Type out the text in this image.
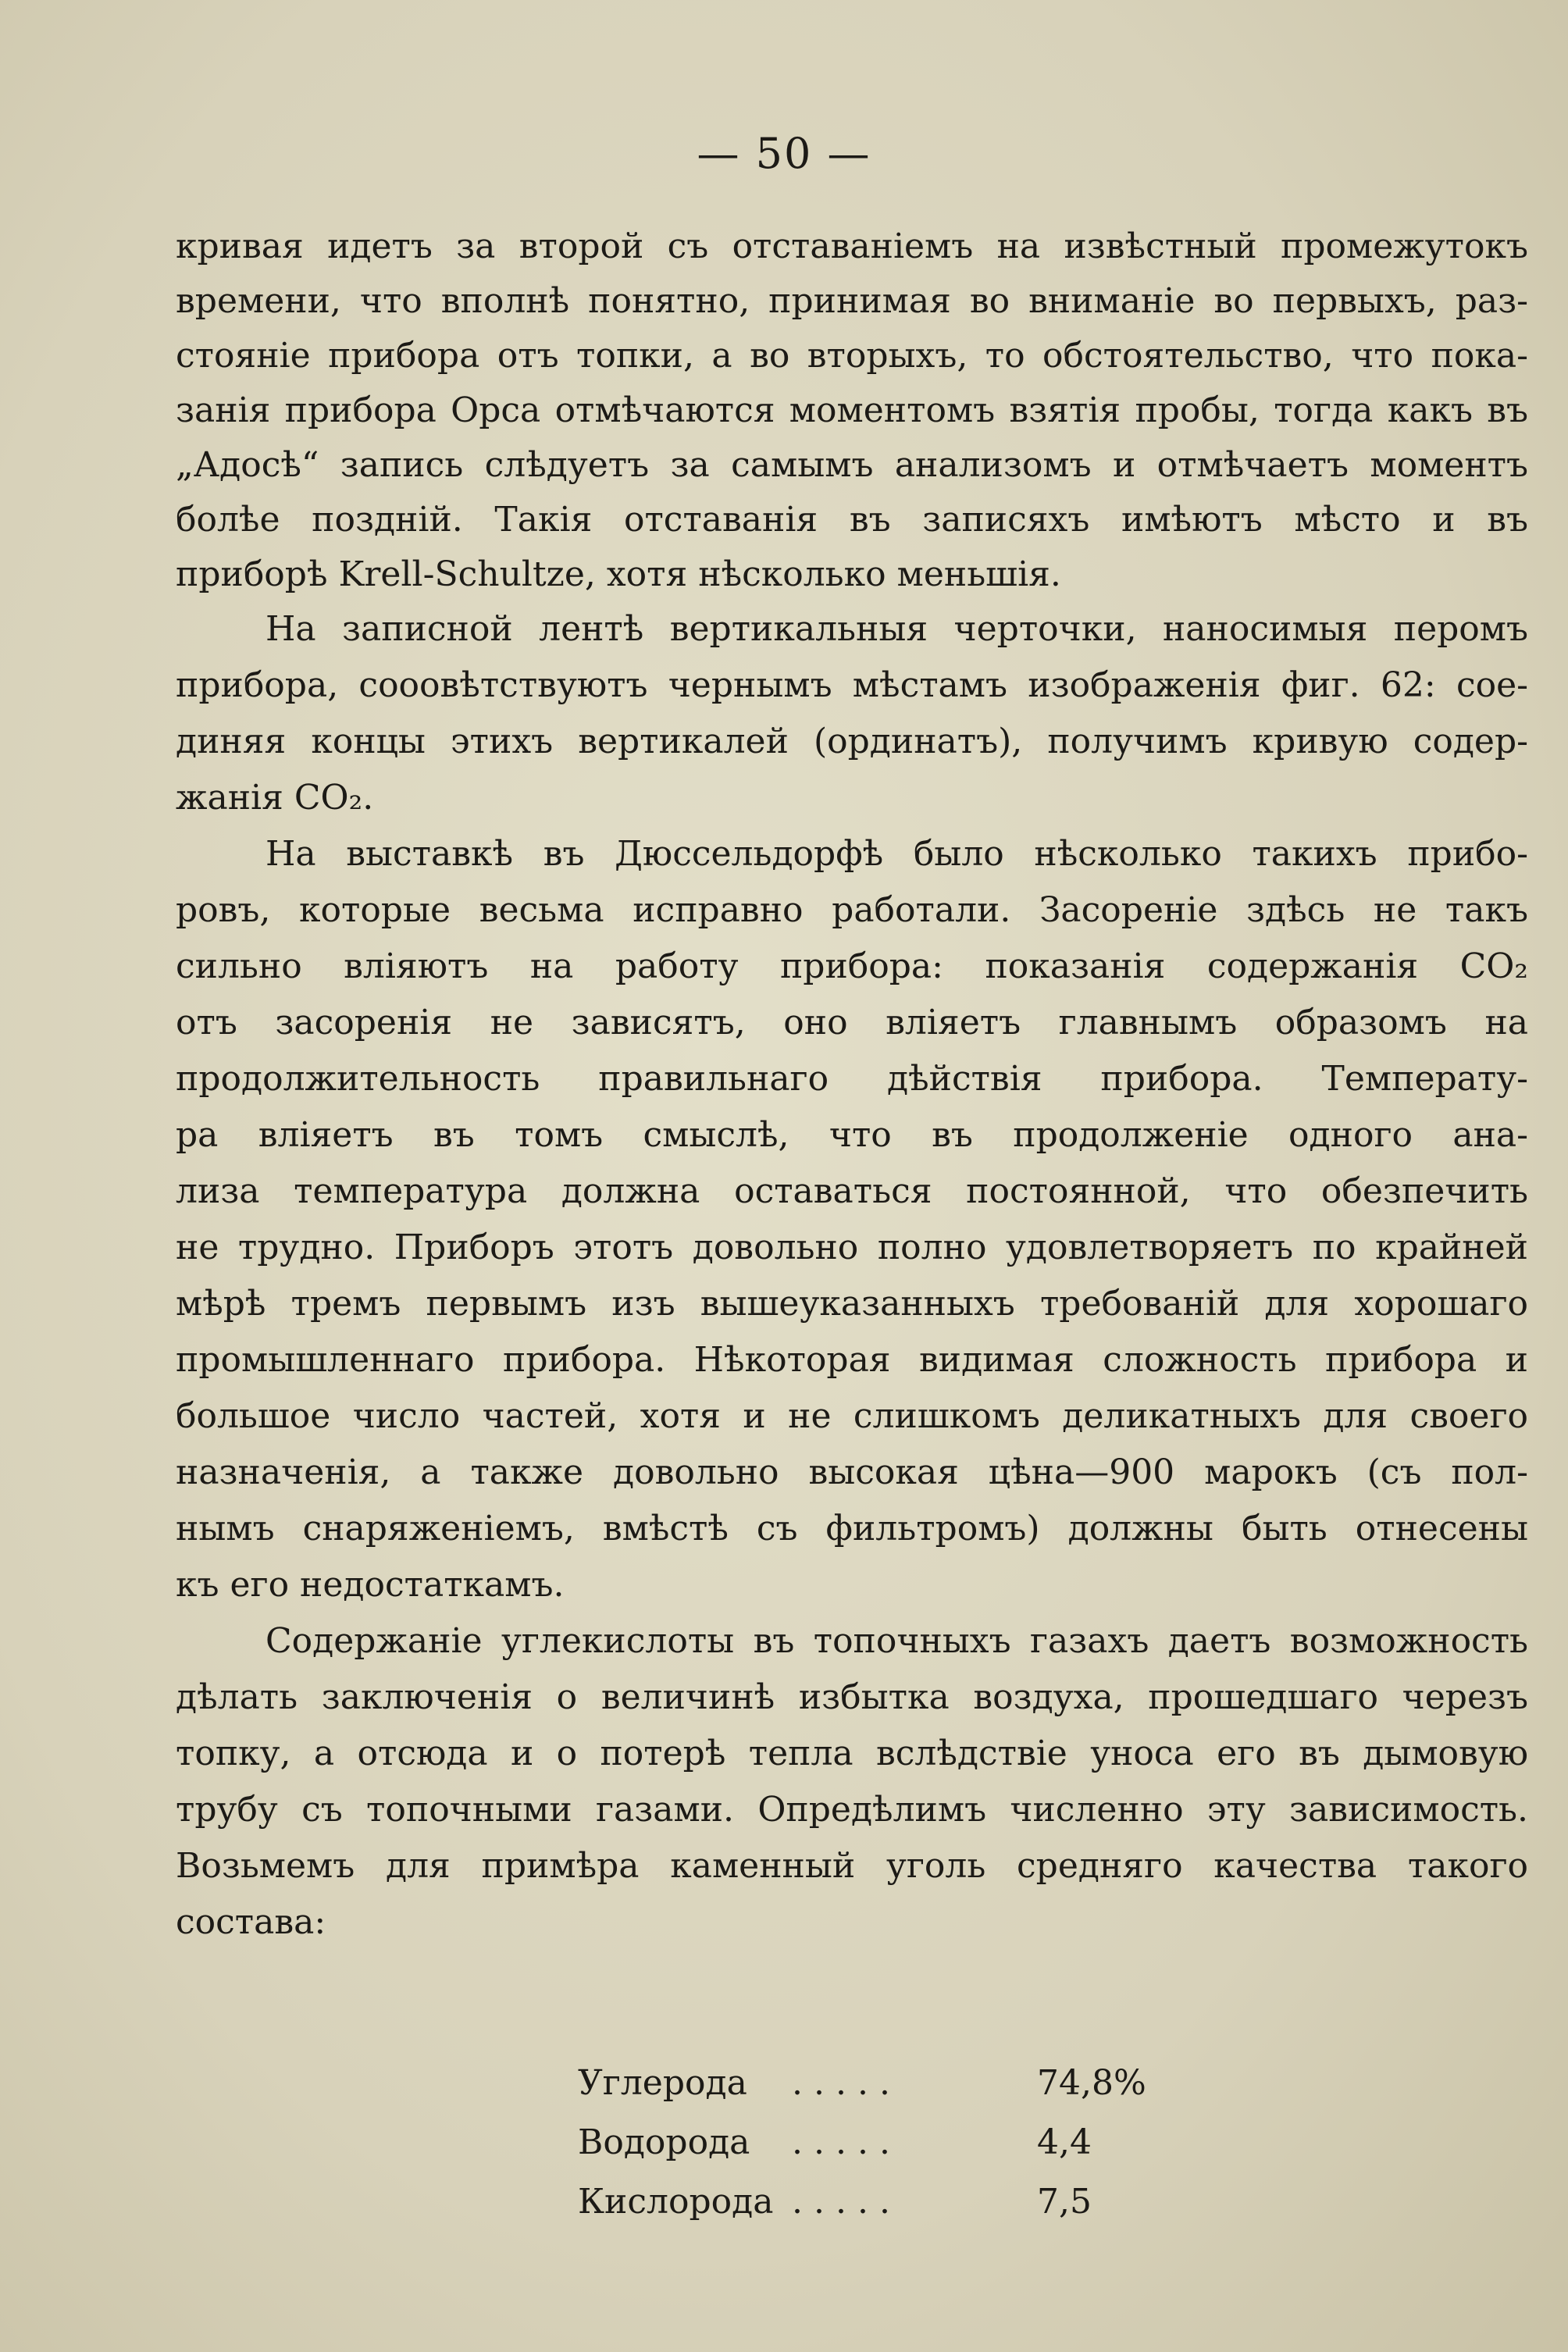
— 50 —
кривая идетъ за второй съ отставаніемъ на извѣстный промежутокъ
времени, что вполнѣ понятно, принимая во вниманіе во первыхъ, раз-
стояніе прибора отъ топки, а во вторыхъ, то обстоятельство, что пока-
занія прибора Орса отмѣчаются моментомъ взятія пробы, тогда какъ въ
„Адосѣ“ запись слѣдуетъ за самымъ анализомъ и отмѣчаетъ моментъ
болѣе поздній. Такія отставанія въ записяхъ имѣютъ мѣсто и въ
приборѣ Krell-Schultze, хотя нѣсколько меньшія.
На записной лентѣ вертикальныя черточки, наносимыя перомъ
прибора, сооовѣтствуютъ чернымъ мѣстамъ изображенія фиг. 62: сое-
диняя концы этихъ вертикалей (ординатъ), получимъ кривую содер-
жанія СО₂.
На выставкѣ въ Дюссельдорфѣ было нѣсколько такихъ прибо-
ровъ, которые весьма исправно работали. Засореніе здѣсь не такъ
сильно вліяютъ на работу прибора: показанія содержанія СО₂
отъ засоренія не зависятъ, оно вліяетъ главнымъ образомъ на
продолжительность правильнаго дѣйствія прибора. Температу-
ра вліяетъ въ томъ смыслѣ, что въ продолженіе одного ана-
лиза температура должна оставаться постоянной, что обезпечить
не трудно. Приборъ этотъ довольно полно удовлетворяетъ по крайней
мѣрѣ тремъ первымъ изъ вышеуказанныхъ требованій для хорошаго
промышленнаго прибора. Нѣкоторая видимая сложность прибора и
большое число частей, хотя и не слишкомъ деликатныхъ для своего
назначенія, а также довольно высокая цѣна—900 марокъ (съ пол-
нымъ снаряженіемъ, вмѣстѣ съ фильтромъ) должны быть отнесены
къ его недостаткамъ.
Содержаніе углекислоты въ топочныхъ газахъ даетъ возможность
дѣлать заключенія о величинѣ избытка воздуха, прошедшаго черезъ
топку, а отсюда и о потерѣ тепла вслѣдствіе уноса его въ дымовую
трубу съ топочными газами. Опредѣлимъ численно эту зависимость.
Возьмемъ для примѣра каменный уголь средняго качества такого
состава:
Углерода .....	74,8%
Водорода .....	4,4
Кислорода .....	7,5
